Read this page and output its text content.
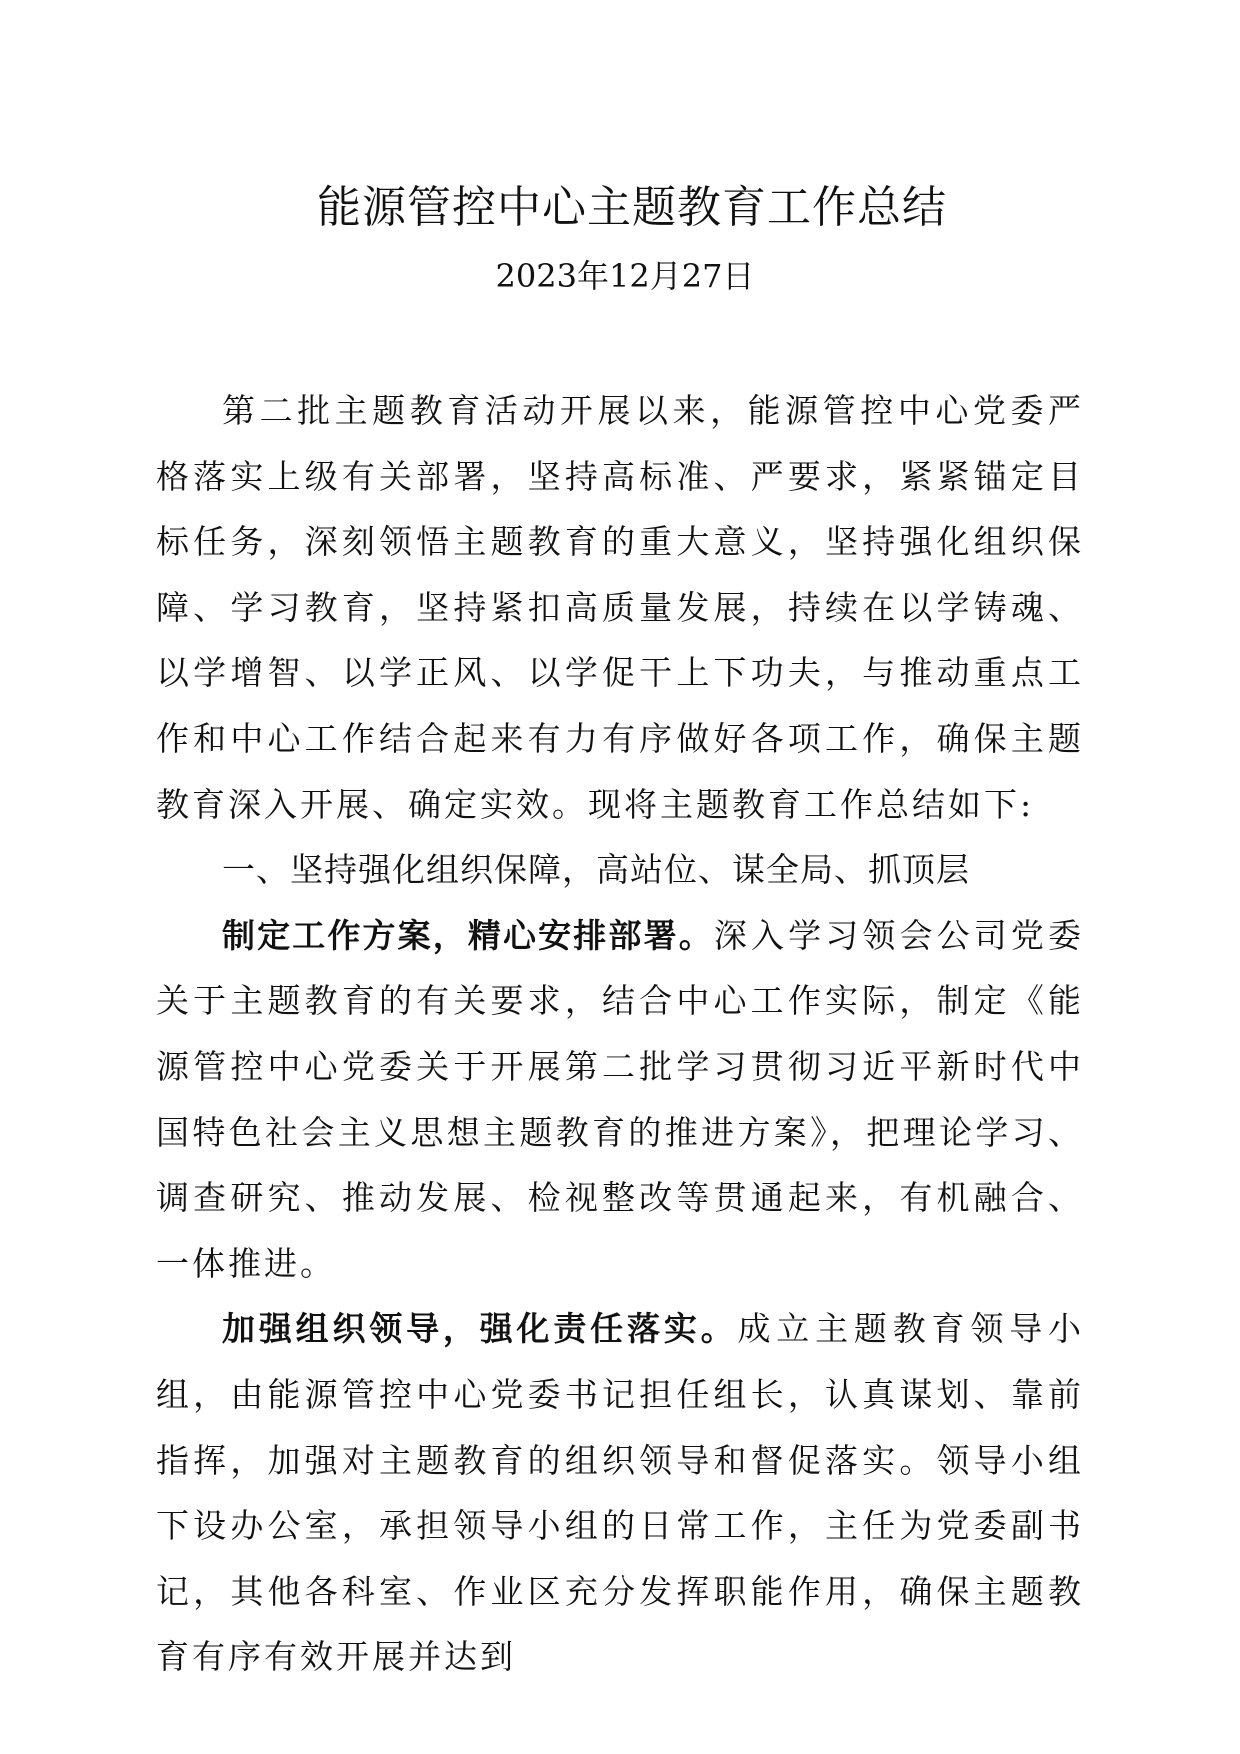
能源管控中心主题教育工作总结
2023年12月27日

第二批主题教育活动开展以来，能源管控中心党委严格落实上级有关部署，坚持高标准、严要求，紧紧锚定目标任务，深刻领悟主题教育的重大意义，坚持强化组织保障、学习教育，坚持紧扣高质量发展，持续在以学铸魂、以学增智、以学正风、以学促干上下功夫，与推动重点工作和中心工作结合起来有力有序做好各项工作，确保主题教育深入开展、确定实效。现将主题教育工作总结如下:

一、坚持强化组织保障，高站位、谋全局、抓顶层

制定工作方案，精心安排部署。深入学习领会公司党委关于主题教育的有关要求，结合中心工作实际，制定《能源管控中心党委关于开展第二批学习贯彻习近平新时代中国特色社会主义思想主题教育的推进方案》，把理论学习、调查研究、推动发展、检视整改等贯通起来，有机融合、一体推进。

加强组织领导，强化责任落实。成立主题教育领导小组，由能源管控中心党委书记担任组长，认真谋划、靠前指挥，加强对主题教育的组织领导和督促落实。领导小组下设办公室，承担领导小组的日常工作，主任为党委副书记，其他各科室、作业区充分发挥职能作用，确保主题教育有序有效开展并达到
